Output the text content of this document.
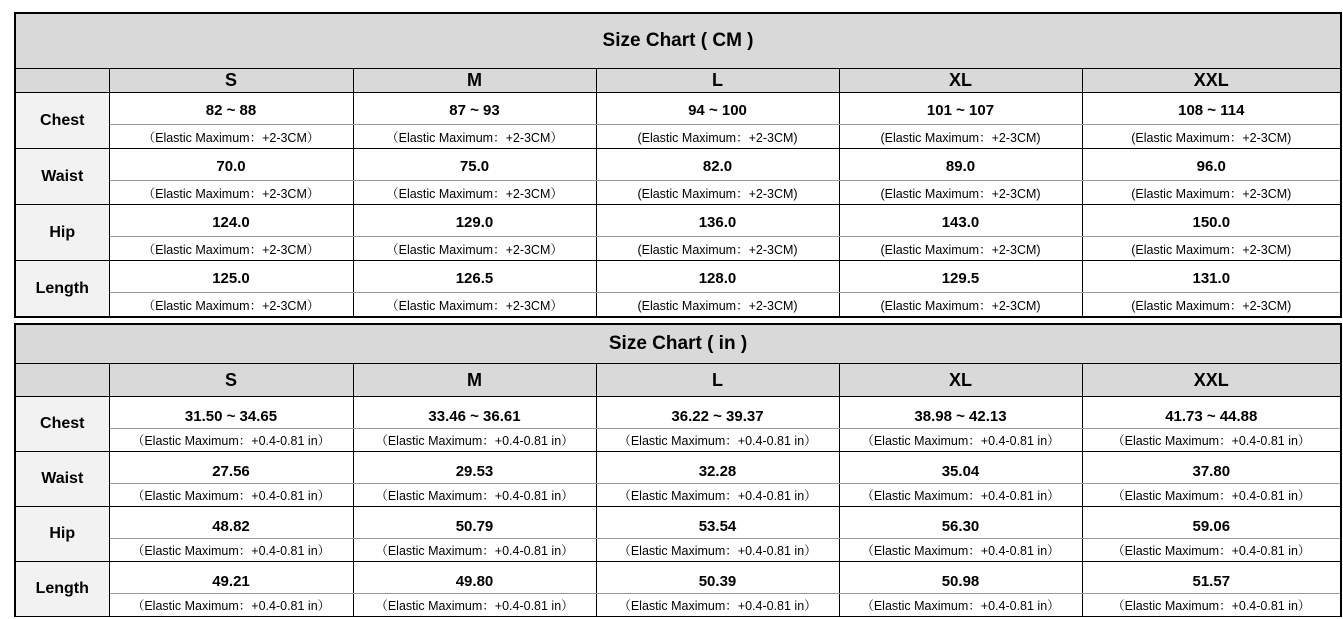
Size Chart ( CM )					
	S	M	L	XL	XXL
Chest	82 ~ 88	87 ~ 93	94 ~ 100	101 ~ 107	108 ~ 114
	（Elastic Maximum：+2-3CM）	（Elastic Maximum：+2-3CM）	(Elastic Maximum：+2-3CM)	(Elastic Maximum：+2-3CM)	(Elastic Maximum：+2-3CM)
Waist	70.0	75.0	82.0	89.0	96.0
	（Elastic Maximum：+2-3CM）	（Elastic Maximum：+2-3CM）	(Elastic Maximum：+2-3CM)	(Elastic Maximum：+2-3CM)	(Elastic Maximum：+2-3CM)
Hip	124.0	129.0	136.0	143.0	150.0
	（Elastic Maximum：+2-3CM）	（Elastic Maximum：+2-3CM）	(Elastic Maximum：+2-3CM)	(Elastic Maximum：+2-3CM)	(Elastic Maximum：+2-3CM)
Length	125.0	126.5	128.0	129.5	131.0
	（Elastic Maximum：+2-3CM）	（Elastic Maximum：+2-3CM）	(Elastic Maximum：+2-3CM)	(Elastic Maximum：+2-3CM)	(Elastic Maximum：+2-3CM)
Size Chart ( in )					
	S	M	L	XL	XXL
Chest	31.50 ~ 34.65	33.46 ~ 36.61	36.22 ~ 39.37	38.98 ~ 42.13	41.73 ~ 44.88
	（Elastic Maximum：+0.4-0.81 in）	（Elastic Maximum：+0.4-0.81 in）	（Elastic Maximum：+0.4-0.81 in）	（Elastic Maximum：+0.4-0.81 in）	（Elastic Maximum：+0.4-0.81 in）
Waist	27.56	29.53	32.28	35.04	37.80
	（Elastic Maximum：+0.4-0.81 in）	（Elastic Maximum：+0.4-0.81 in）	（Elastic Maximum：+0.4-0.81 in）	（Elastic Maximum：+0.4-0.81 in）	（Elastic Maximum：+0.4-0.81 in）
Hip	48.82	50.79	53.54	56.30	59.06
	（Elastic Maximum：+0.4-0.81 in）	（Elastic Maximum：+0.4-0.81 in）	（Elastic Maximum：+0.4-0.81 in）	（Elastic Maximum：+0.4-0.81 in）	（Elastic Maximum：+0.4-0.81 in）
Length	49.21	49.80	50.39	50.98	51.57
	（Elastic Maximum：+0.4-0.81 in）	（Elastic Maximum：+0.4-0.81 in）	（Elastic Maximum：+0.4-0.81 in）	（Elastic Maximum：+0.4-0.81 in）	（Elastic Maximum：+0.4-0.81 in）
